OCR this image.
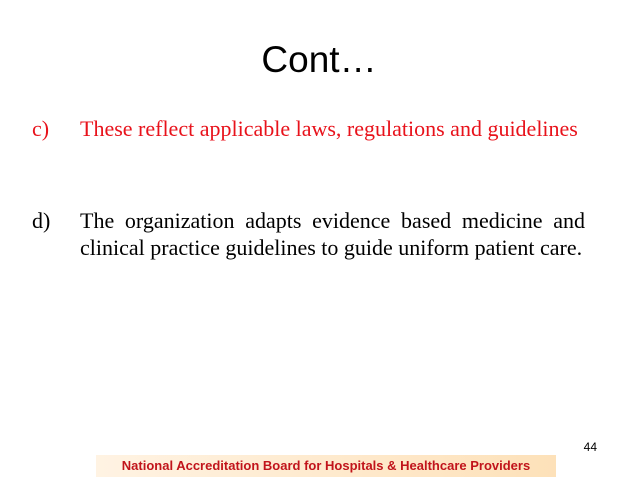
Cont…
c)	These reflect applicable laws, regulations and guidelines
d)	The organization adapts evidence based medicine and clinical practice guidelines to guide uniform patient care.
44
National Accreditation Board for Hospitals & Healthcare Providers
